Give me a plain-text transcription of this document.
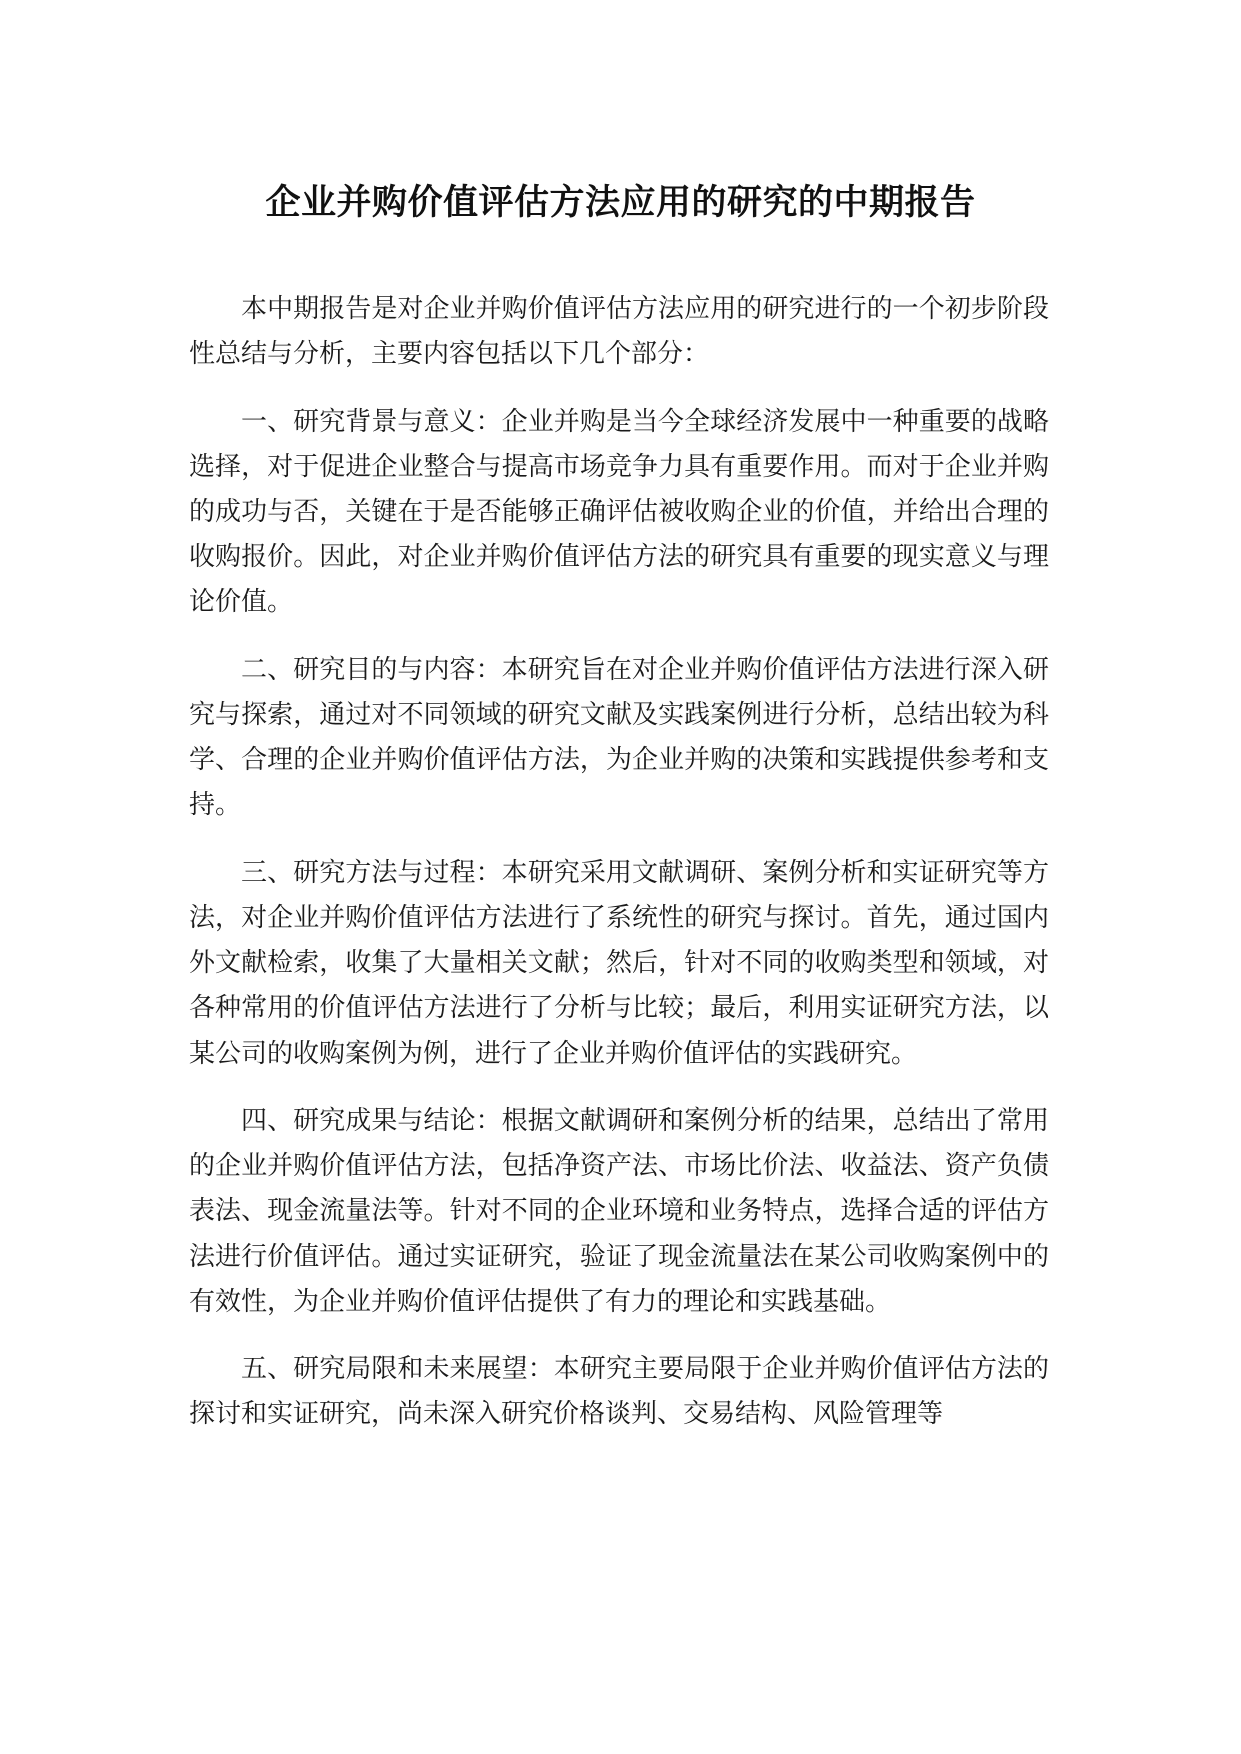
企业并购价值评估方法应用的研究的中期报告

本中期报告是对企业并购价值评估方法应用的研究进行的一个初步阶段性总结与分析，主要内容包括以下几个部分：

一、研究背景与意义：企业并购是当今全球经济发展中一种重要的战略选择，对于促进企业整合与提高市场竞争力具有重要作用。而对于企业并购的成功与否，关键在于是否能够正确评估被收购企业的价值，并给出合理的收购报价。因此，对企业并购价值评估方法的研究具有重要的现实意义与理论价值。

二、研究目的与内容：本研究旨在对企业并购价值评估方法进行深入研究与探索，通过对不同领域的研究文献及实践案例进行分析，总结出较为科学、合理的企业并购价值评估方法，为企业并购的决策和实践提供参考和支持。

三、研究方法与过程：本研究采用文献调研、案例分析和实证研究等方法，对企业并购价值评估方法进行了系统性的研究与探讨。首先，通过国内外文献检索，收集了大量相关文献；然后，针对不同的收购类型和领域，对各种常用的价值评估方法进行了分析与比较；最后，利用实证研究方法，以某公司的收购案例为例，进行了企业并购价值评估的实践研究。

四、研究成果与结论：根据文献调研和案例分析的结果，总结出了常用的企业并购价值评估方法，包括净资产法、市场比价法、收益法、资产负债表法、现金流量法等。针对不同的企业环境和业务特点，选择合适的评估方法进行价值评估。通过实证研究，验证了现金流量法在某公司收购案例中的有效性，为企业并购价值评估提供了有力的理论和实践基础。

五、研究局限和未来展望：本研究主要局限于企业并购价值评估方法的探讨和实证研究，尚未深入研究价格谈判、交易结构、风险管理等
